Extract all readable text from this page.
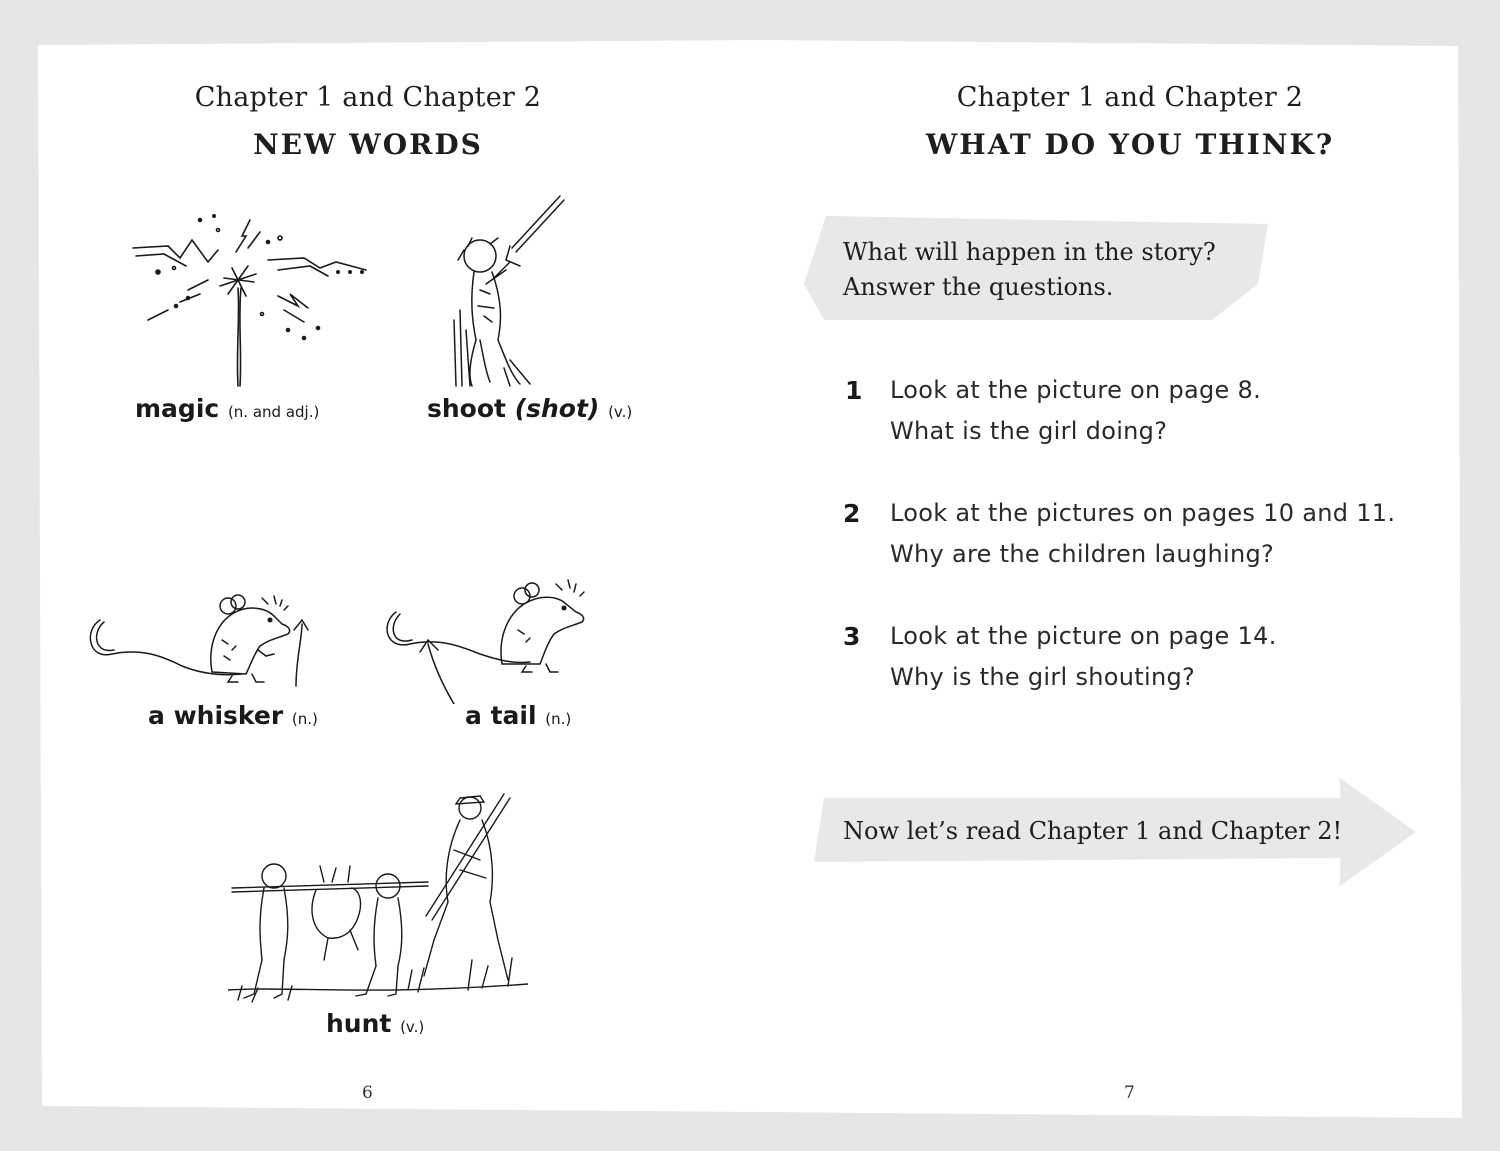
Chapter 1 and Chapter 2
NEW WORDS
magic (n. and adj.)	shoot (shot) (v.)
a whisker (n.)	a tail (n.)
hunt (v.)
6
Chapter 1 and Chapter 2
WHAT DO YOU THINK?
What will happen in the story?
Answer the questions.
1 Look at the picture on page 8.
What is the girl doing?
2 Look at the pictures on pages 10 and 11.
Why are the children laughing?
3 Look at the picture on page 14.
Why is the girl shouting?
Now let’s read Chapter 1 and Chapter 2!
7
